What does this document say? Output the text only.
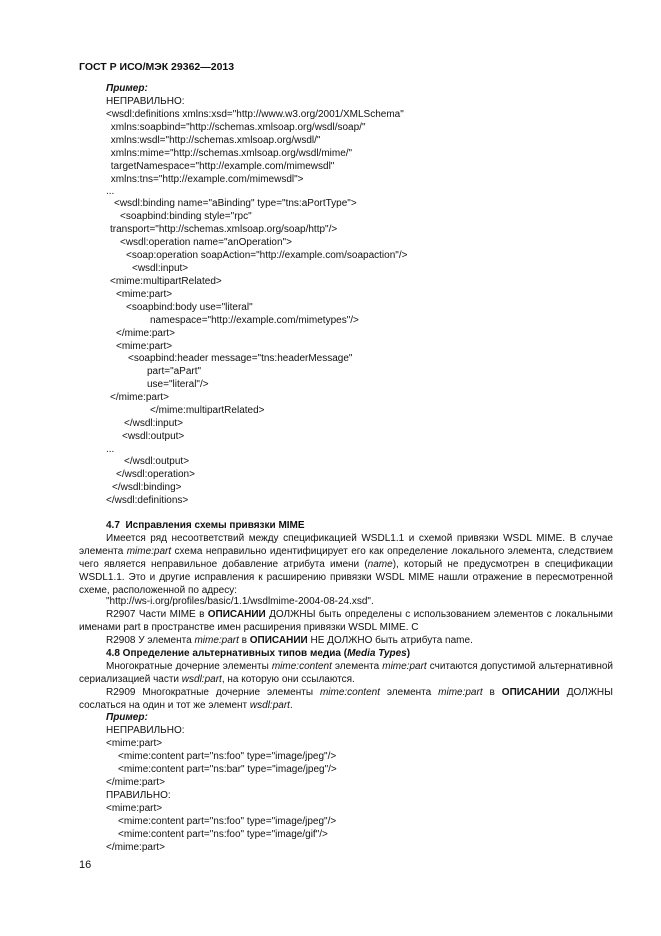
ГОСТ Р ИСО/МЭК 29362—2013
Пример:
НЕПРАВИЛЬНО:
<wsdl:definitions xmlns:xsd="http://www.w3.org/2001/XMLSchema"
xmlns:soapbind="http://schemas.xmlsoap.org/wsdl/soap/"
xmlns:wsdl="http://schemas.xmlsoap.org/wsdl/"
xmlns:mime="http://schemas.xmlsoap.org/wsdl/mime/"
targetNamespace="http://example.com/mimewsdl"
xmlns:tns="http://example.com/mimewsdl">
...
<wsdl:binding name="aBinding" type="tns:aPortType">
<soapbind:binding style="rpc"
transport="http://schemas.xmlsoap.org/soap/http"/>
<wsdl:operation name="anOperation">
<soap:operation soapAction="http://example.com/soapaction"/>
<wsdl:input>
<mime:multipartRelated>
<mime:part>
<soapbind:body use="literal"
namespace="http://example.com/mimetypes"/>
</mime:part>
<mime:part>
<soapbind:header message="tns:headerMessage"
part="aPart"
use="literal"/>
</mime:part>
</mime:multipartRelated>
</wsdl:input>
<wsdl:output>
...
</wsdl:output>
</wsdl:operation>
</wsdl:binding>
</wsdl:definitions>
4.7  Исправления схемы привязки MIME
Имеется ряд несоответствий между спецификацией WSDL1.1 и схемой привязки WSDL MIME. В случае элемента mime:part схема неправильно идентифицирует его как определение локального элемента, следствием чего является неправильное добавление атрибута имени (name), который не предусмотрен в спецификации WSDL1.1. Это и другие исправления к расширению привязки WSDL MIME нашли отражение в пересмотренной схеме, расположенной по адресу:
"http://ws-i.org/profiles/basic/1.1/wsdlmime-2004-08-24.xsd".
R2907 Части MIME в ОПИСАНИИ ДОЛЖНЫ быть определены с использованием элементов с локальными именами part в пространстве имен расширения привязки WSDL MIME. С
R2908 У элемента mime:part в ОПИСАНИИ НЕ ДОЛЖНО быть атрибута name.
4.8 Определение альтернативных типов медиа (Media Types)
Многократные дочерние элементы mime:content элемента mime:part считаются допустимой альтернативной сериализацией части wsdl:part, на которую они ссылаются.
R2909 Многократные дочерние элементы mime:content элемента mime:part в ОПИСАНИИ ДОЛЖНЫ сослаться на один и тот же элемент wsdl:part.
Пример:
НЕПРАВИЛЬНО:
<mime:part>
<mime:content part="ns:foo" type="image/jpeg"/>
<mime:content part="ns:bar" type="image/jpeg"/>
</mime:part>
ПРАВИЛЬНО:
<mime:part>
<mime:content part="ns:foo" type="image/jpeg"/>
<mime:content part="ns:foo" type="image/gif"/>
</mime:part>
16
